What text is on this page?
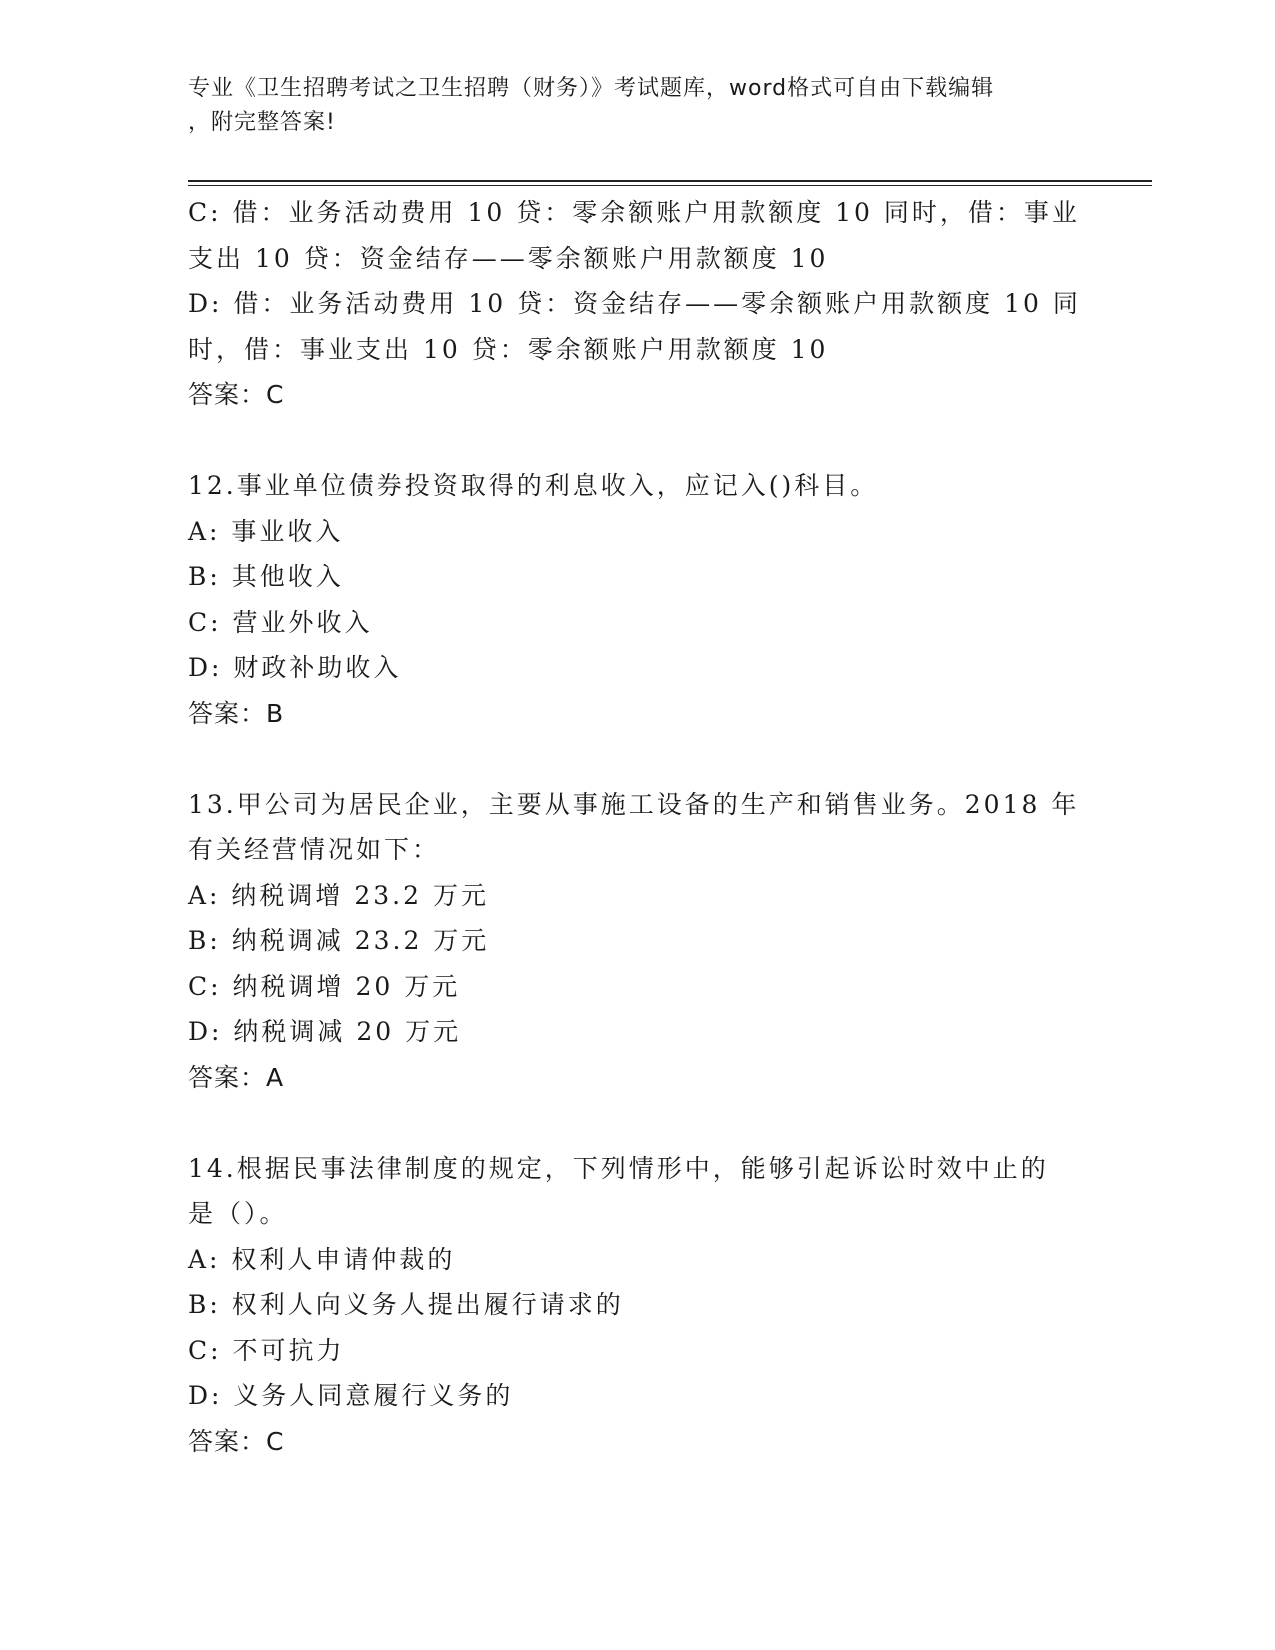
专业《卫生招聘考试之卫生招聘（财务）》考试题库，word格式可自由下载编辑
，附完整答案!
C: 借：业务活动费用 10 贷：零余额账户用款额度 10 同时，借：事业
支出 10 贷：资金结存——零余额账户用款额度 10
D: 借：业务活动费用 10 贷：资金结存——零余额账户用款额度 10 同
时，借：事业支出 10 贷：零余额账户用款额度 10
答案：C
12.事业单位债券投资取得的利息收入，应记入()科目。
A: 事业收入
B: 其他收入
C: 营业外收入
D: 财政补助收入
答案：B
13.甲公司为居民企业，主要从事施工设备的生产和销售业务。2018 年
有关经营情况如下：
A: 纳税调增 23.2 万元
B: 纳税调减 23.2 万元
C: 纳税调增 20 万元
D: 纳税调减 20 万元
答案：A
14.根据民事法律制度的规定，下列情形中，能够引起诉讼时效中止的
是（）。
A: 权利人申请仲裁的
B: 权利人向义务人提出履行请求的
C: 不可抗力
D: 义务人同意履行义务的
答案：C
